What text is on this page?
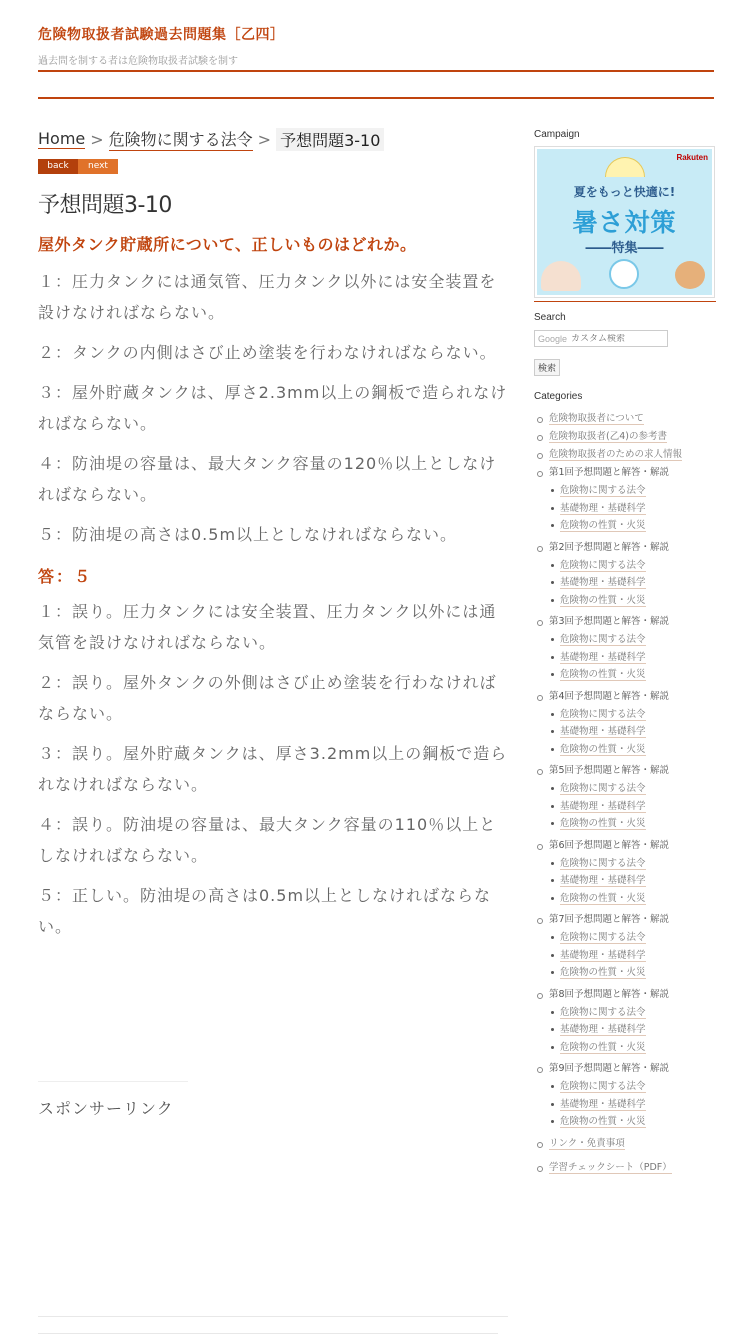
危険物取扱者試験過去問題集［乙四］
過去問を制する者は危険物取扱者試験を制す
Home > 危険物に関する法令 > 予想問題3-10
back	next
予想問題3-10

屋外タンク貯蔵所について、正しいものはどれか。

１：圧力タンクには通気管、圧力タンク以外には安全装置を設けなければならない。

２：タンクの内側はさび止め塗装を行わなければならない。

３：屋外貯蔵タンクは、厚さ2.3mm以上の鋼板で造られなければならない。

４：防油堤の容量は、最大タンク容量の120％以上としなければならない。

５：防油堤の高さは0.5m以上としなければならない。

答：５

１：誤り。圧力タンクには安全装置、圧力タンク以外には通気管を設けなければならない。

２：誤り。屋外タンクの外側はさび止め塗装を行わなければならない。

３：誤り。屋外貯蔵タンクは、厚さ3.2mm以上の鋼板で造られなければならない。

４：誤り。防油堤の容量は、最大タンク容量の110％以上としなければならない。

５：正しい。防油堤の高さは0.5m以上としなければならない。

スポンサーリンク
Campaign
Rakuten
夏をもっと快適に!
暑さ対策
――特集――
Search
Google
カスタム検索
検索
Categories
危険物取扱者について
危険物取扱者(乙4)の参考書
危険物取扱者のための求人情報
第1回予想問題と解答・解説
危険物に関する法令
基礎物理・基礎科学
危険物の性質・火災
第2回予想問題と解答・解説
危険物に関する法令
基礎物理・基礎科学
危険物の性質・火災
第3回予想問題と解答・解説
危険物に関する法令
基礎物理・基礎科学
危険物の性質・火災
第4回予想問題と解答・解説
危険物に関する法令
基礎物理・基礎科学
危険物の性質・火災
第5回予想問題と解答・解説
危険物に関する法令
基礎物理・基礎科学
危険物の性質・火災
第6回予想問題と解答・解説
危険物に関する法令
基礎物理・基礎科学
危険物の性質・火災
第7回予想問題と解答・解説
危険物に関する法令
基礎物理・基礎科学
危険物の性質・火災
第8回予想問題と解答・解説
危険物に関する法令
基礎物理・基礎科学
危険物の性質・火災
第9回予想問題と解答・解説
危険物に関する法令
基礎物理・基礎科学
危険物の性質・火災
リンク・免責事項
学習チェックシート（PDF）
